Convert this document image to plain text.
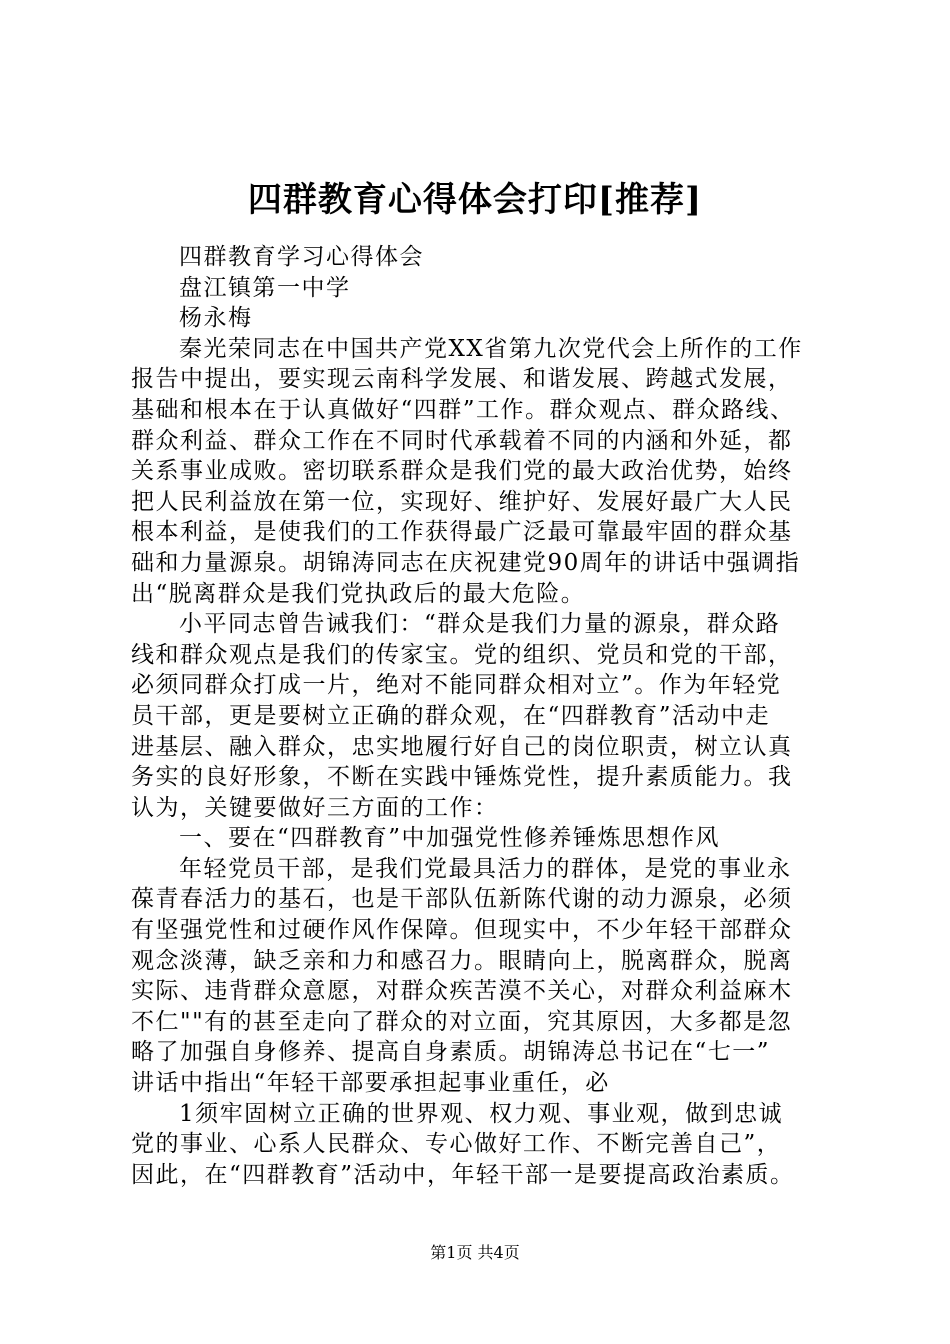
四群教育心得体会打印[推荐]
四群教育学习心得体会
盘江镇第一中学
杨永梅
秦光荣同志在中国共产党XX省第九次党代会上所作的工作
报告中提出，要实现云南科学发展、和谐发展、跨越式发展，
基础和根本在于认真做好“四群”工作。群众观点、群众路线、
群众利益、群众工作在不同时代承载着不同的内涵和外延，都
关系事业成败。密切联系群众是我们党的最大政治优势，始终
把人民利益放在第一位，实现好、维护好、发展好最广大人民
根本利益，是使我们的工作获得最广泛最可靠最牢固的群众基
础和力量源泉。胡锦涛同志在庆祝建党90周年的讲话中强调指
出“脱离群众是我们党执政后的最大危险。
小平同志曾告诫我们：“群众是我们力量的源泉，群众路
线和群众观点是我们的传家宝。党的组织、党员和党的干部，
必须同群众打成一片，绝对不能同群众相对立”。作为年轻党
员干部，更是要树立正确的群众观，在“四群教育”活动中走
进基层、融入群众，忠实地履行好自己的岗位职责，树立认真
务实的良好形象，不断在实践中锤炼党性，提升素质能力。我
认为，关键要做好三方面的工作：
一、要在“四群教育”中加强党性修养锤炼思想作风
年轻党员干部，是我们党最具活力的群体，是党的事业永
葆青春活力的基石，也是干部队伍新陈代谢的动力源泉，必须
有坚强党性和过硬作风作保障。但现实中，不少年轻干部群众
观念淡薄，缺乏亲和力和感召力。眼睛向上，脱离群众，脱离
实际、违背群众意愿，对群众疾苦漠不关心，对群众利益麻木
不仁""有的甚至走向了群众的对立面，究其原因，大多都是忽
略了加强自身修养、提高自身素质。胡锦涛总书记在“七一”
讲话中指出“年轻干部要承担起事业重任，必
1须牢固树立正确的世界观、权力观、事业观，做到忠诚
党的事业、心系人民群众、专心做好工作、不断完善自己”，
因此，在“四群教育”活动中，年轻干部一是要提高政治素质。
第1页 共4页
